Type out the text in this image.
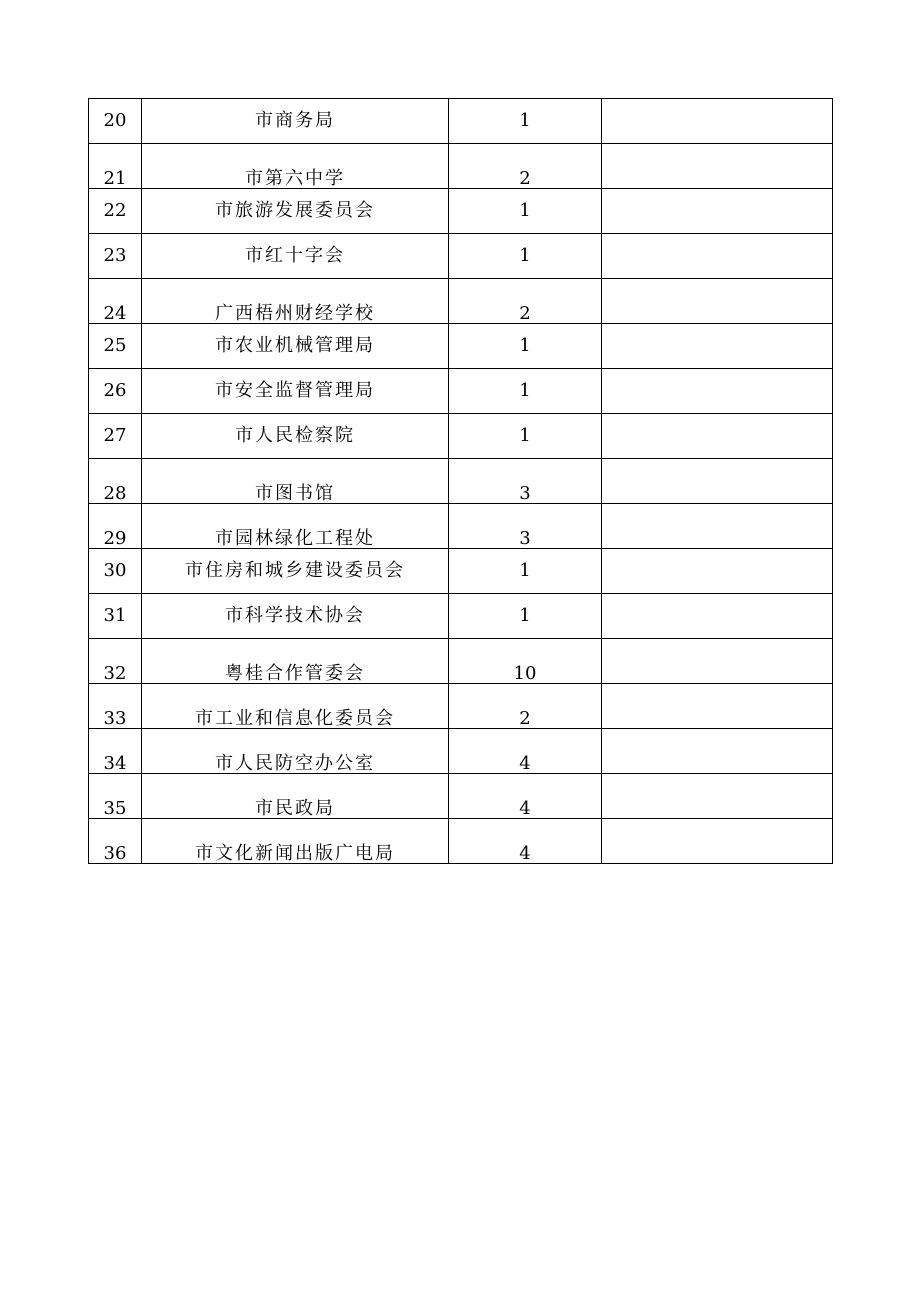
20	市商务局	1	
21	市第六中学	2	
22	市旅游发展委员会	1	
23	市红十字会	1	
24	广西梧州财经学校	2	
25	市农业机械管理局	1	
26	市安全监督管理局	1	
27	市人民检察院	1	
28	市图书馆	3	
29	市园林绿化工程处	3	
30	市住房和城乡建设委员会	1	
31	市科学技术协会	1	
32	粤桂合作管委会	10	
33	市工业和信息化委员会	2	
34	市人民防空办公室	4	
35	市民政局	4	
36	市文化新闻出版广电局	4	
